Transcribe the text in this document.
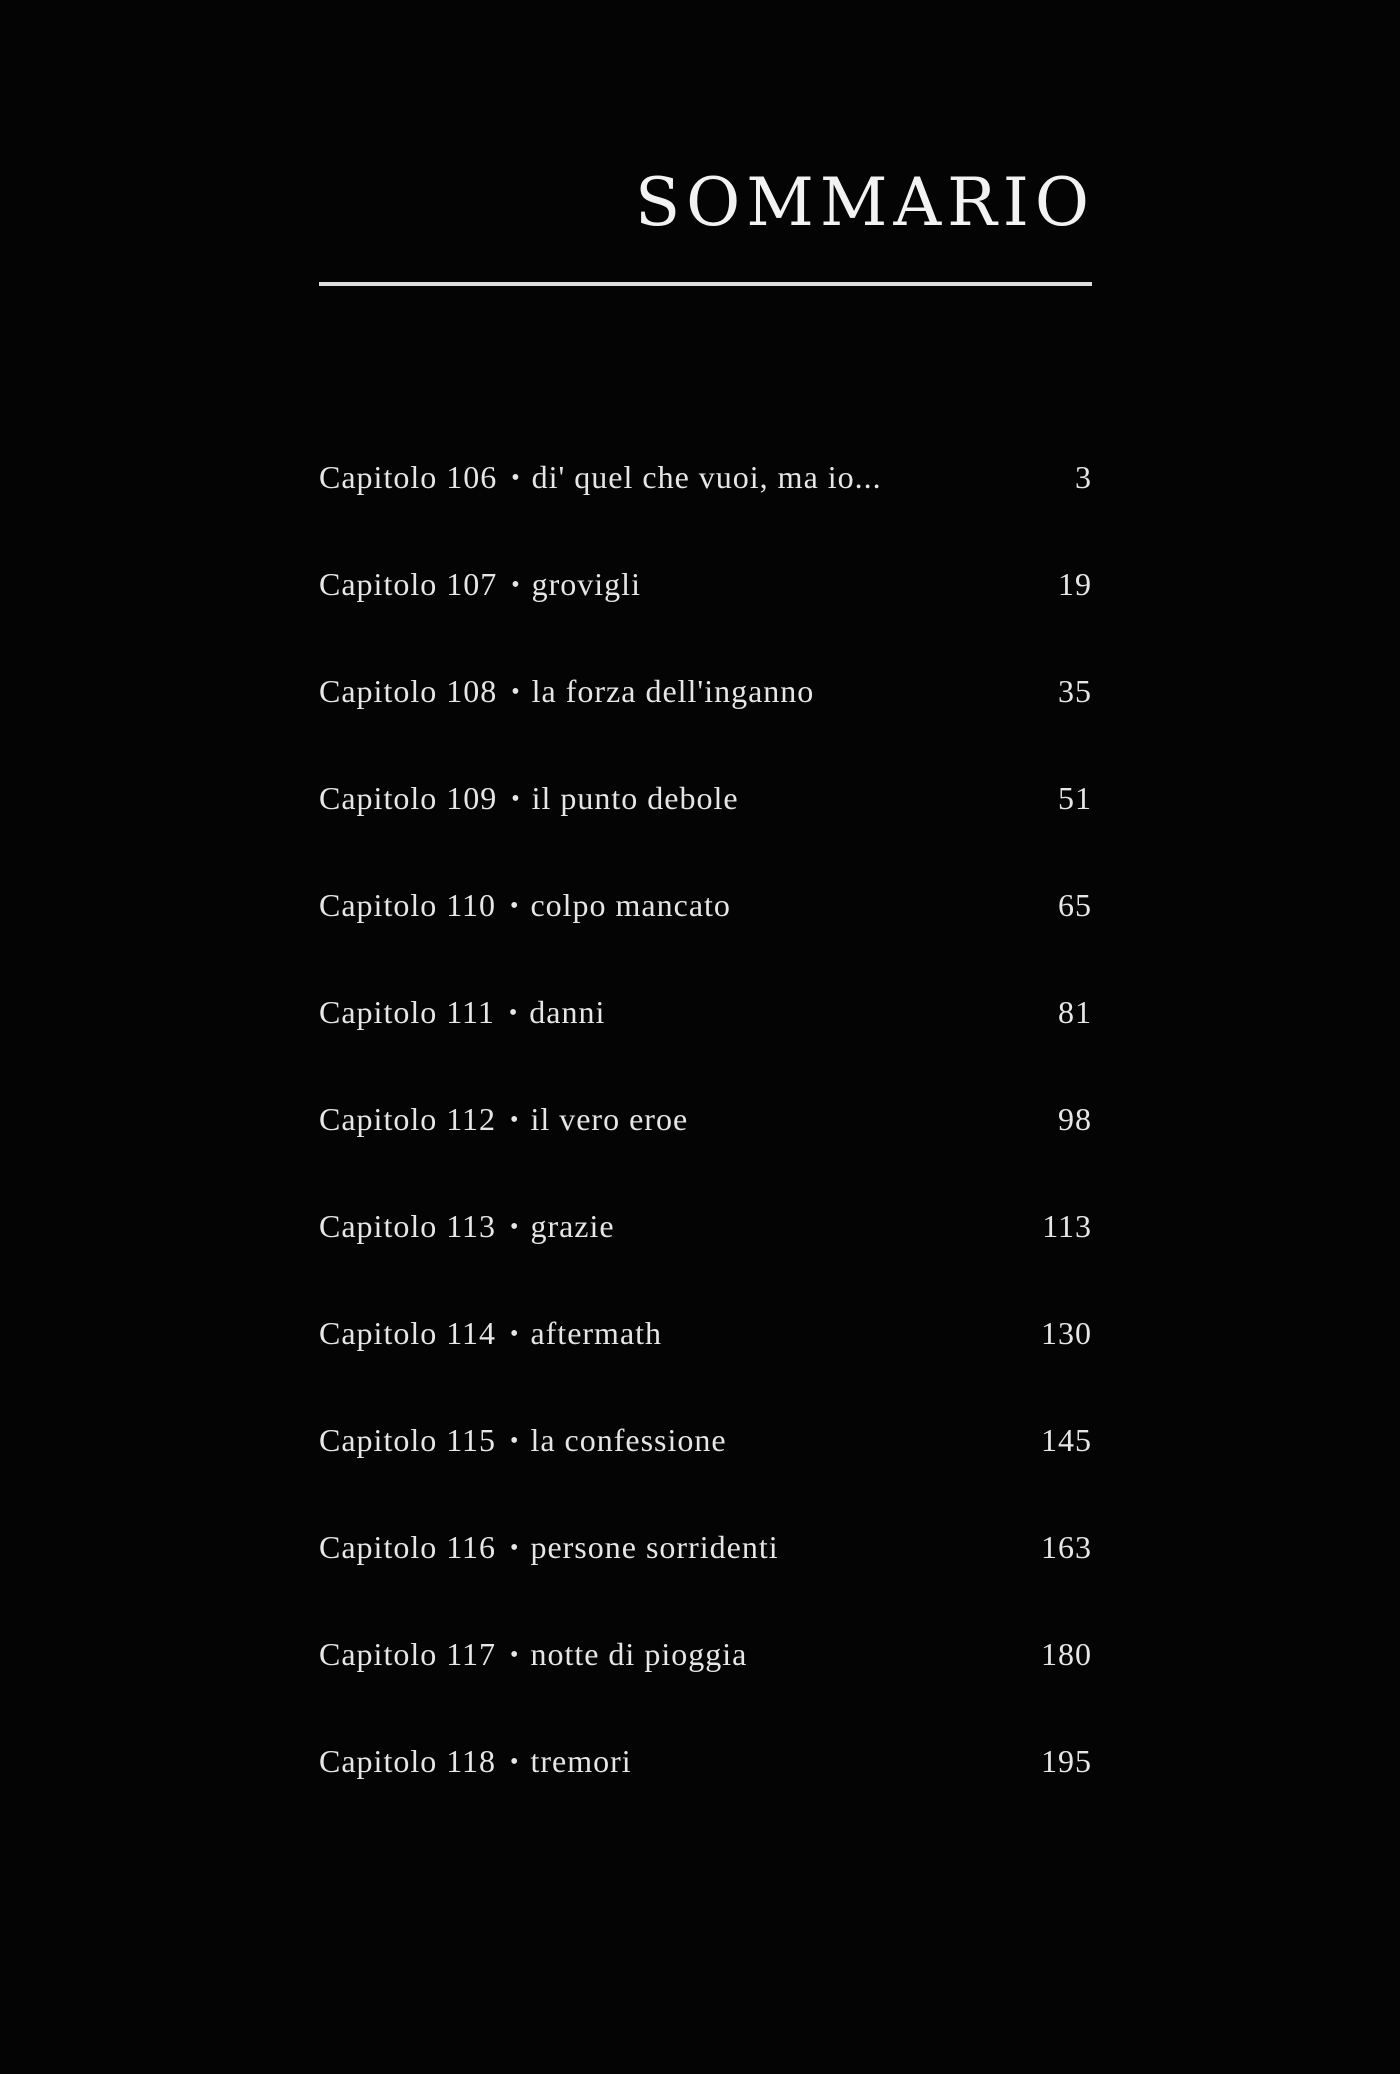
SOMMARIO
Capitolo 106 • di' quel che vuoi, ma io...	3
Capitolo 107 • grovigli	19
Capitolo 108 • la forza dell'inganno	35
Capitolo 109 • il punto debole	51
Capitolo 110 • colpo mancato	65
Capitolo 111 • danni	81
Capitolo 112 • il vero eroe	98
Capitolo 113 • grazie	113
Capitolo 114 • aftermath	130
Capitolo 115 • la confessione	145
Capitolo 116 • persone sorridenti	163
Capitolo 117 • notte di pioggia	180
Capitolo 118 • tremori	195
